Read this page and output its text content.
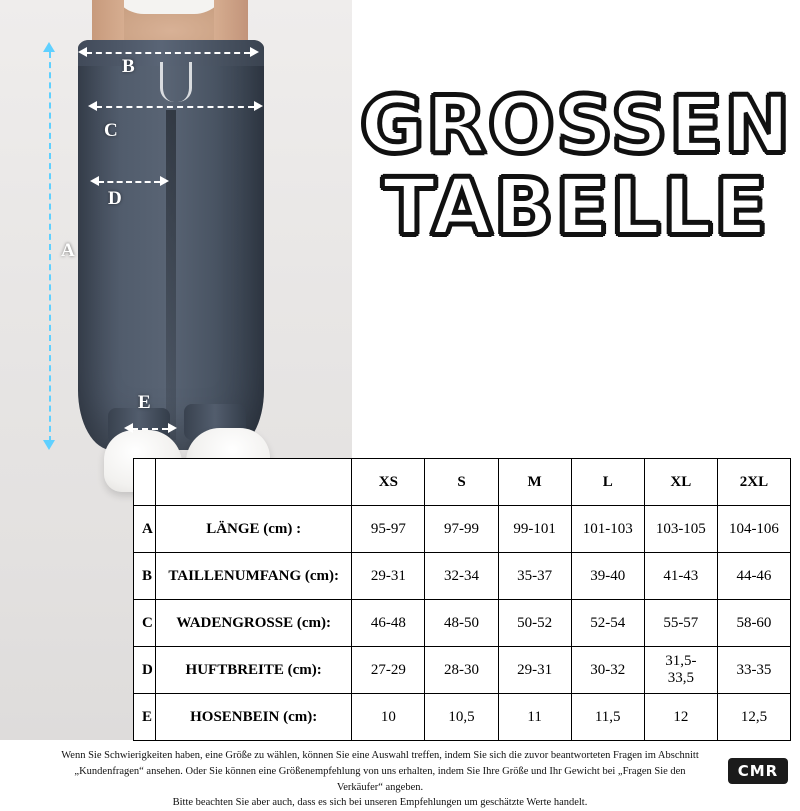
A
B
C
D
E
GROSSEN
TABELLE
		XS	S	M	L	XL	2XL
A	LÄNGE (cm) :	95-97	97-99	99-101	101-103	103-105	104-106
B	TAILLENUMFANG (cm):	29-31	32-34	35-37	39-40	41-43	44-46
C	WADENGROSSE (cm):	46-48	48-50	50-52	52-54	55-57	58-60
D	HUFTBREITE (cm):	27-29	28-30	29-31	30-32	31,5-33,5	33-35
E	HOSENBEIN (cm):	10	10,5	11	11,5	12	12,5
Wenn Sie Schwierigkeiten haben, eine Größe zu wählen, können Sie eine Auswahl treffen, indem Sie sich die zuvor beantworteten Fragen im Abschnitt
„Kundenfragen“ ansehen. Oder Sie können eine Größenempfehlung von uns erhalten, indem Sie Ihre Größe und Ihr Gewicht bei „Fragen Sie den Verkäufer“ angeben.
Bitte beachten Sie aber auch, dass es sich bei unseren Empfehlungen um geschätzte Werte handelt.
CMR
